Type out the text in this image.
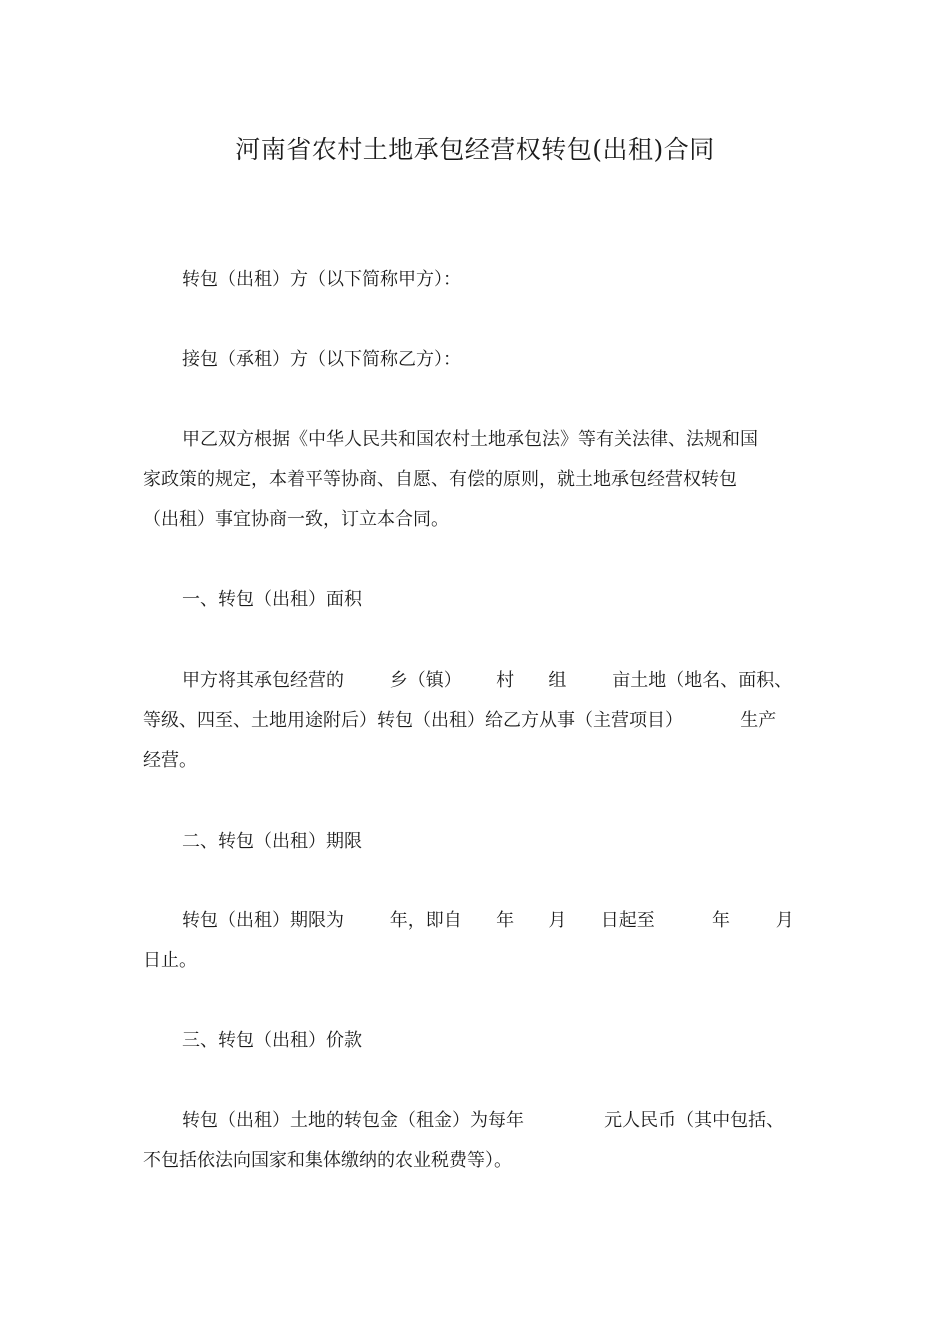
河南省农村土地承包经营权转包(出租)合同

转包（出租）方（以下简称甲方）：

接包（承租）方（以下简称乙方）：

甲乙双方根据《中华人民共和国农村土地承包法》等有关法律、法规和国
家政策的规定，本着平等协商、自愿、有偿的原则，就土地承包经营权转包
（出租）事宜协商一致，订立本合同。

一、转包（出租）面积

甲方将其承包经营的        乡（镇）      村      组        亩土地（地名、面积、
等级、四至、土地用途附后）转包（出租）给乙方从事（主营项目）          生产
经营。

二、转包（出租）期限

转包（出租）期限为        年，即自      年      月      日起至          年        月
日止。

三、转包（出租）价款

转包（出租）土地的转包金（租金）为每年              元人民币（其中包括、
不包括依法向国家和集体缴纳的农业税费等）。
